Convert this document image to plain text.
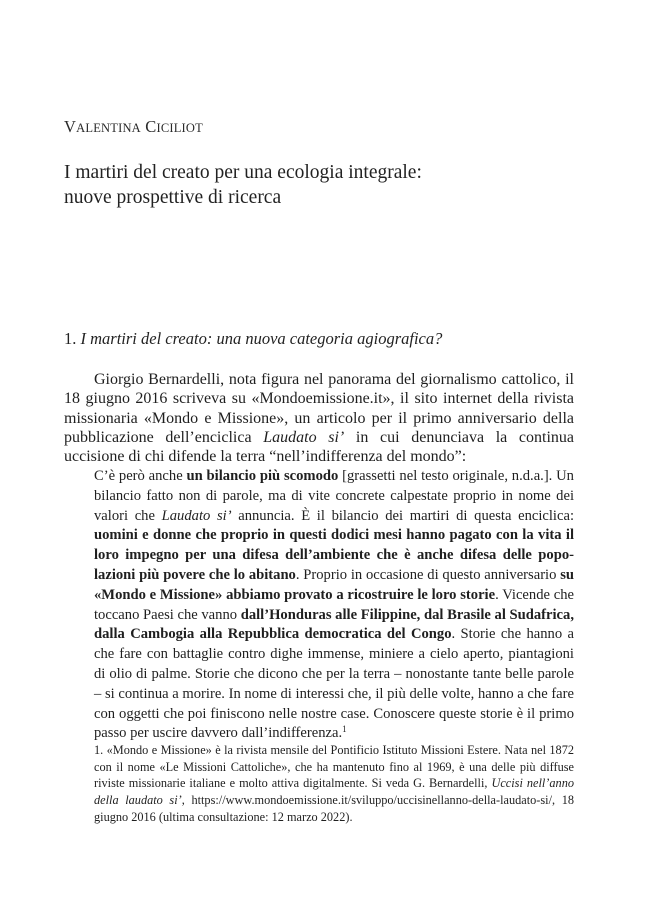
VALENTINA CICILIOT
I martiri del creato per una ecologia integrale:
nuove prospettive di ricerca
1. I martiri del creato: una nuova categoria agiografica?
Giorgio Bernardelli, nota figura nel panorama del giornalismo cattolico, il 18 giugno 2016 scriveva su «Mondoemissione.it», il sito internet della rivista missionaria «Mondo e Missione», un articolo per il primo anniversario della pubblicazione dell’enciclica Laudato si’ in cui denunciava la continua uccisione di chi difende la terra “nell’indifferenza del mondo”:
C’è però anche un bilancio più scomodo [grassetti nel testo originale, n.d.a.]. Un bilancio fatto non di parole, ma di vite concrete calpestate proprio in nome dei valori che Laudato si’ annuncia. È il bilancio dei martiri di questa enciclica: uomini e donne che proprio in questi dodici mesi hanno pagato con la vita il loro impegno per una difesa dell’ambiente che è anche difesa delle popolazioni più povere che lo abitano. Proprio in occasione di questo anniversario su «Mondo e Missione» abbiamo provato a ricostruire le loro storie. Vicende che toccano Paesi che vanno dall’Honduras alle Filippine, dal Brasile al Sudafrica, dalla Cambogia alla Repubblica democratica del Congo. Storie che hanno a che fare con battaglie contro dighe immense, miniere a cielo aperto, piantagioni di olio di palme. Storie che dicono che per la terra – nonostante tante belle parole – si continua a morire. In nome di interessi che, il più delle volte, hanno a che fare con oggetti che poi finiscono nelle nostre case. Conoscere queste storie è il primo passo per uscire davvero dall’indifferenza.$^1$
1. «Mondo e Missione» è la rivista mensile del Pontificio Istituto Missioni Estere. Nata nel 1872 con il nome «Le Missioni Cattoliche», che ha mantenuto fino al 1969, è una delle più diffuse riviste missionarie italiane e molto attiva digitalmente. Si veda G. Bernardelli, Uccisi nell’anno della laudato si’, https://www.mondoemissione.it/sviluppo/uccisinellanno-della-laudato-si/, 18 giugno 2016 (ultima consultazione: 12 marzo 2022).
